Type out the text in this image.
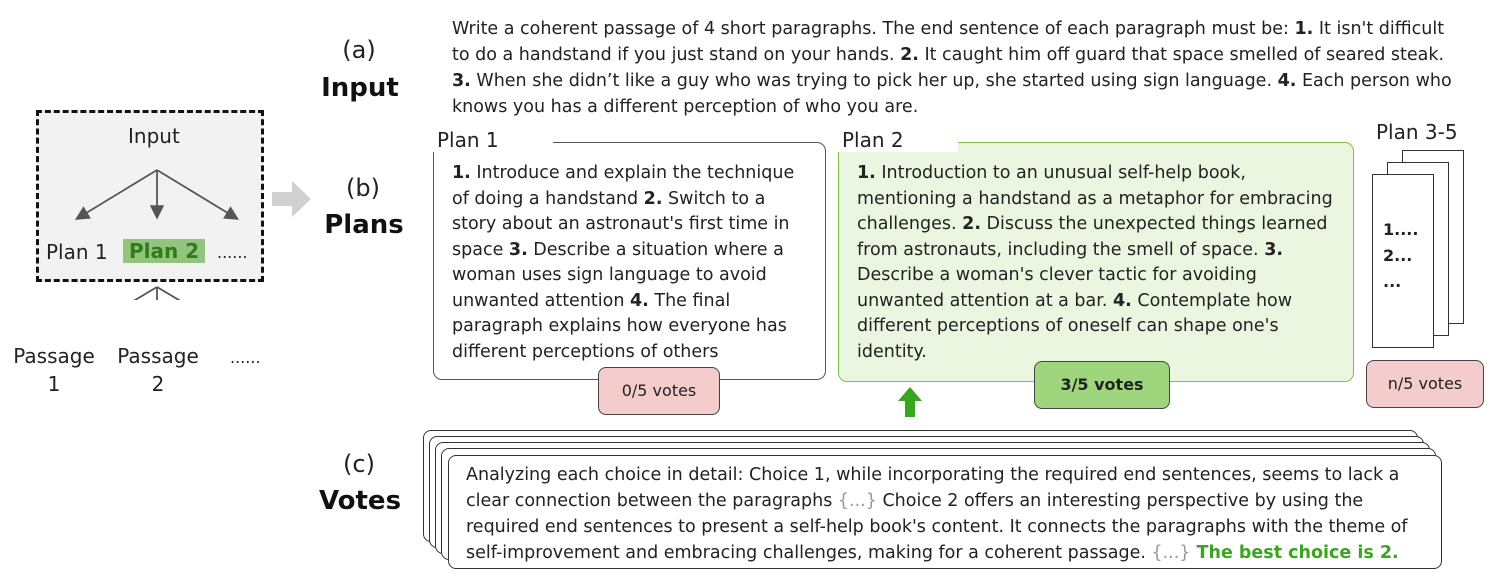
Input
Plan 1	Plan 2	......
Passage
1
Passage
2
......
(a)
Input
(b)
Plans
(c)
Votes
Write a coherent passage of 4 short paragraphs. The end sentence of each paragraph must be: 1. It isn't difficult to do a handstand if you just stand on your hands. 2. It caught him off guard that space smelled of seared steak. 3. When she didn’t like a guy who was trying to pick her up, she started using sign language. 4. Each person who knows you has a different perception of who you are.
Plan 1
1. Introduce and explain the technique of doing a handstand 2. Switch to a story about an astronaut's first time in space 3. Describe a situation where a woman uses sign language to avoid unwanted attention 4. The final paragraph explains how everyone has different perceptions of others
0/5 votes
Plan 2
1. Introduction to an unusual self-help book, mentioning a handstand as a metaphor for embracing challenges. 2. Discuss the unexpected things learned from astronauts, including the smell of space. 3. Describe a woman's clever tactic for avoiding unwanted attention at a bar. 4. Contemplate how different perceptions of oneself can shape one's identity.
3/5 votes
Plan 3-5
1....
2...
...
n/5 votes
Analyzing each choice in detail: Choice 1, while incorporating the required end sentences, seems to lack a clear connection between the paragraphs {...} Choice 2 offers an interesting perspective by using the required end sentences to present a self-help book's content. It connects the paragraphs with the theme of self-improvement and embracing challenges, making for a coherent passage. {...} The best choice is 2.
